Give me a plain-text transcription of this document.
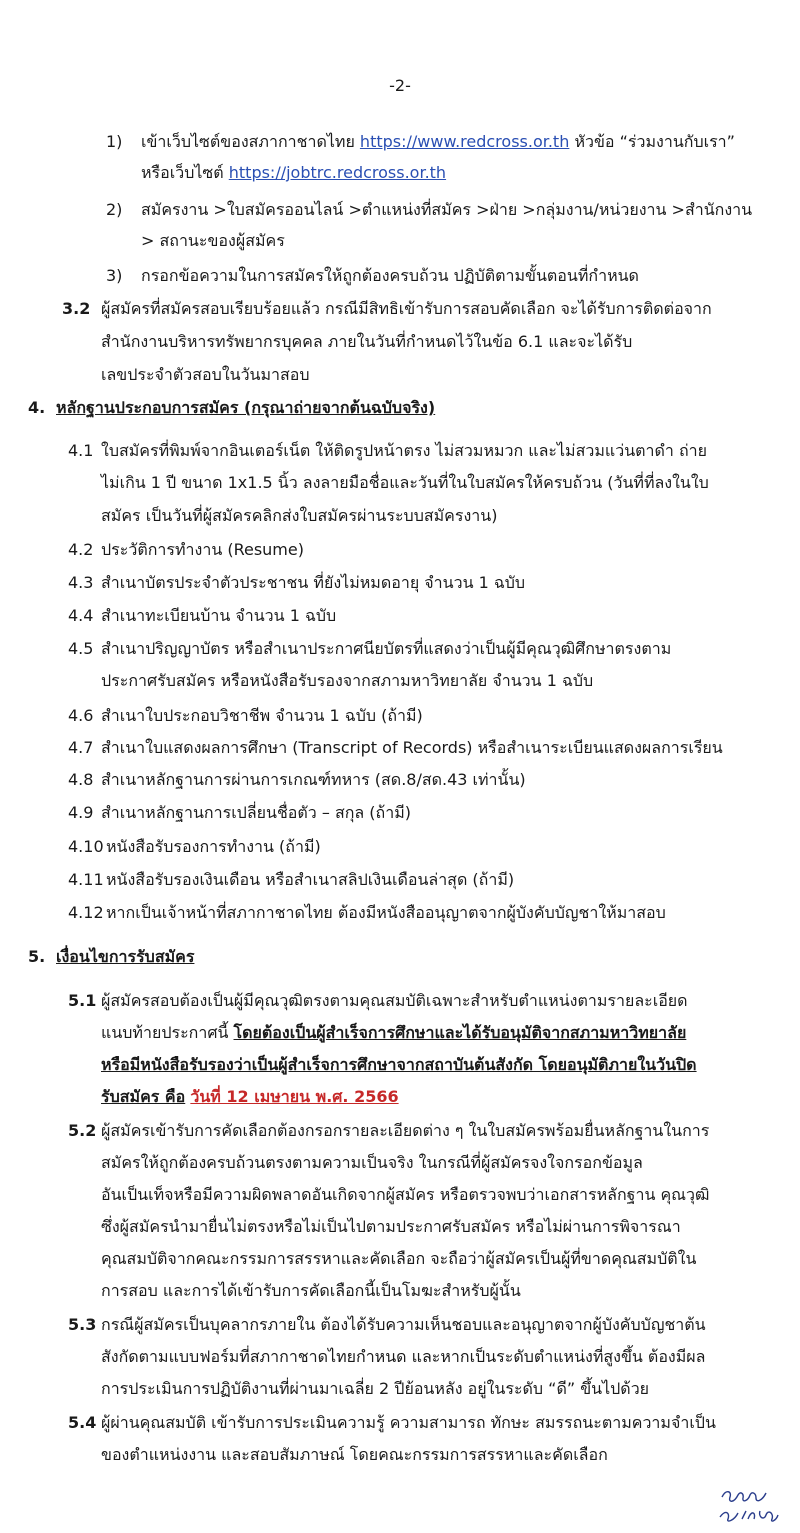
-2-
1) เข้าเว็บไซต์ของสภากาชาดไทย https://www.redcross.or.th หัวข้อ “ร่วมงานกับเรา”
หรือเว็บไซต์ https://jobtrc.redcross.or.th
2) สมัครงาน >ใบสมัครออนไลน์ >ตำแหน่งที่สมัคร >ฝ่าย >กลุ่มงาน/หน่วยงาน >สำนักงาน
> สถานะของผู้สมัคร
3) กรอกข้อความในการสมัครให้ถูกต้องครบถ้วน ปฏิบัติตามขั้นตอนที่กำหนด
3.2 ผู้สมัครที่สมัครสอบเรียบร้อยแล้ว กรณีมีสิทธิเข้ารับการสอบคัดเลือก จะได้รับการติดต่อจาก
สำนักงานบริหารทรัพยากรบุคคล ภายในวันที่กำหนดไว้ในข้อ 6.1 และจะได้รับ
เลขประจำตัวสอบในวันมาสอบ
4. หลักฐานประกอบการสมัคร (กรุณาถ่ายจากต้นฉบับจริง)
4.1 ใบสมัครที่พิมพ์จากอินเตอร์เน็ต ให้ติดรูปหน้าตรง ไม่สวมหมวก และไม่สวมแว่นตาดำ ถ่าย
ไม่เกิน 1 ปี ขนาด 1x1.5 นิ้ว ลงลายมือชื่อและวันที่ในใบสมัครให้ครบถ้วน (วันที่ที่ลงในใบ
สมัคร เป็นวันที่ผู้สมัครคลิกส่งใบสมัครผ่านระบบสมัครงาน)
4.2 ประวัติการทำงาน (Resume)
4.3 สำเนาบัตรประจำตัวประชาชน ที่ยังไม่หมดอายุ จำนวน 1 ฉบับ
4.4 สำเนาทะเบียนบ้าน จำนวน 1 ฉบับ
4.5 สำเนาปริญญาบัตร หรือสำเนาประกาศนียบัตรที่แสดงว่าเป็นผู้มีคุณวุฒิศึกษาตรงตาม
ประกาศรับสมัคร หรือหนังสือรับรองจากสภามหาวิทยาลัย จำนวน 1 ฉบับ
4.6 สำเนาใบประกอบวิชาชีพ จำนวน 1 ฉบับ (ถ้ามี)
4.7 สำเนาใบแสดงผลการศึกษา (Transcript of Records) หรือสำเนาระเบียนแสดงผลการเรียน
4.8 สำเนาหลักฐานการผ่านการเกณฑ์ทหาร (สด.8/สด.43 เท่านั้น)
4.9 สำเนาหลักฐานการเปลี่ยนชื่อตัว – สกุล (ถ้ามี)
4.10 หนังสือรับรองการทำงาน (ถ้ามี)
4.11 หนังสือรับรองเงินเดือน หรือสำเนาสลิปเงินเดือนล่าสุด (ถ้ามี)
4.12 หากเป็นเจ้าหน้าที่สภากาชาดไทย ต้องมีหนังสืออนุญาตจากผู้บังคับบัญชาให้มาสอบ
5. เงื่อนไขการรับสมัคร
5.1 ผู้สมัครสอบต้องเป็นผู้มีคุณวุฒิตรงตามคุณสมบัติเฉพาะสำหรับตำแหน่งตามรายละเอียด
แนบท้ายประกาศนี้ โดยต้องเป็นผู้สำเร็จการศึกษาและได้รับอนุมัติจากสภามหาวิทยาลัย
หรือมีหนังสือรับรองว่าเป็นผู้สำเร็จการศึกษาจากสถาบันต้นสังกัด โดยอนุมัติภายในวันปิด
รับสมัคร คือ วันที่ 12 เมษายน พ.ศ. 2566
5.2 ผู้สมัครเข้ารับการคัดเลือกต้องกรอกรายละเอียดต่าง ๆ ในใบสมัครพร้อมยื่นหลักฐานในการ
สมัครให้ถูกต้องครบถ้วนตรงตามความเป็นจริง ในกรณีที่ผู้สมัครจงใจกรอกข้อมูล
อันเป็นเท็จหรือมีความผิดพลาดอันเกิดจากผู้สมัคร หรือตรวจพบว่าเอกสารหลักฐาน คุณวุฒิ
ซึ่งผู้สมัครนำมายื่นไม่ตรงหรือไม่เป็นไปตามประกาศรับสมัคร หรือไม่ผ่านการพิจารณา
คุณสมบัติจากคณะกรรมการสรรหาและคัดเลือก จะถือว่าผู้สมัครเป็นผู้ที่ขาดคุณสมบัติใน
การสอบ และการได้เข้ารับการคัดเลือกนี้เป็นโมฆะสำหรับผู้นั้น
5.3 กรณีผู้สมัครเป็นบุคลากรภายใน ต้องได้รับความเห็นชอบและอนุญาตจากผู้บังคับบัญชาต้น
สังกัดตามแบบฟอร์มที่สภากาชาดไทยกำหนด และหากเป็นระดับตำแหน่งที่สูงขึ้น ต้องมีผล
การประเมินการปฏิบัติงานที่ผ่านมาเฉลี่ย 2 ปีย้อนหลัง อยู่ในระดับ “ดี” ขึ้นไปด้วย
5.4 ผู้ผ่านคุณสมบัติ เข้ารับการประเมินความรู้ ความสามารถ ทักษะ สมรรถนะตามความจำเป็น
ของตำแหน่งงาน และสอบสัมภาษณ์ โดยคณะกรรมการสรรหาและคัดเลือก
